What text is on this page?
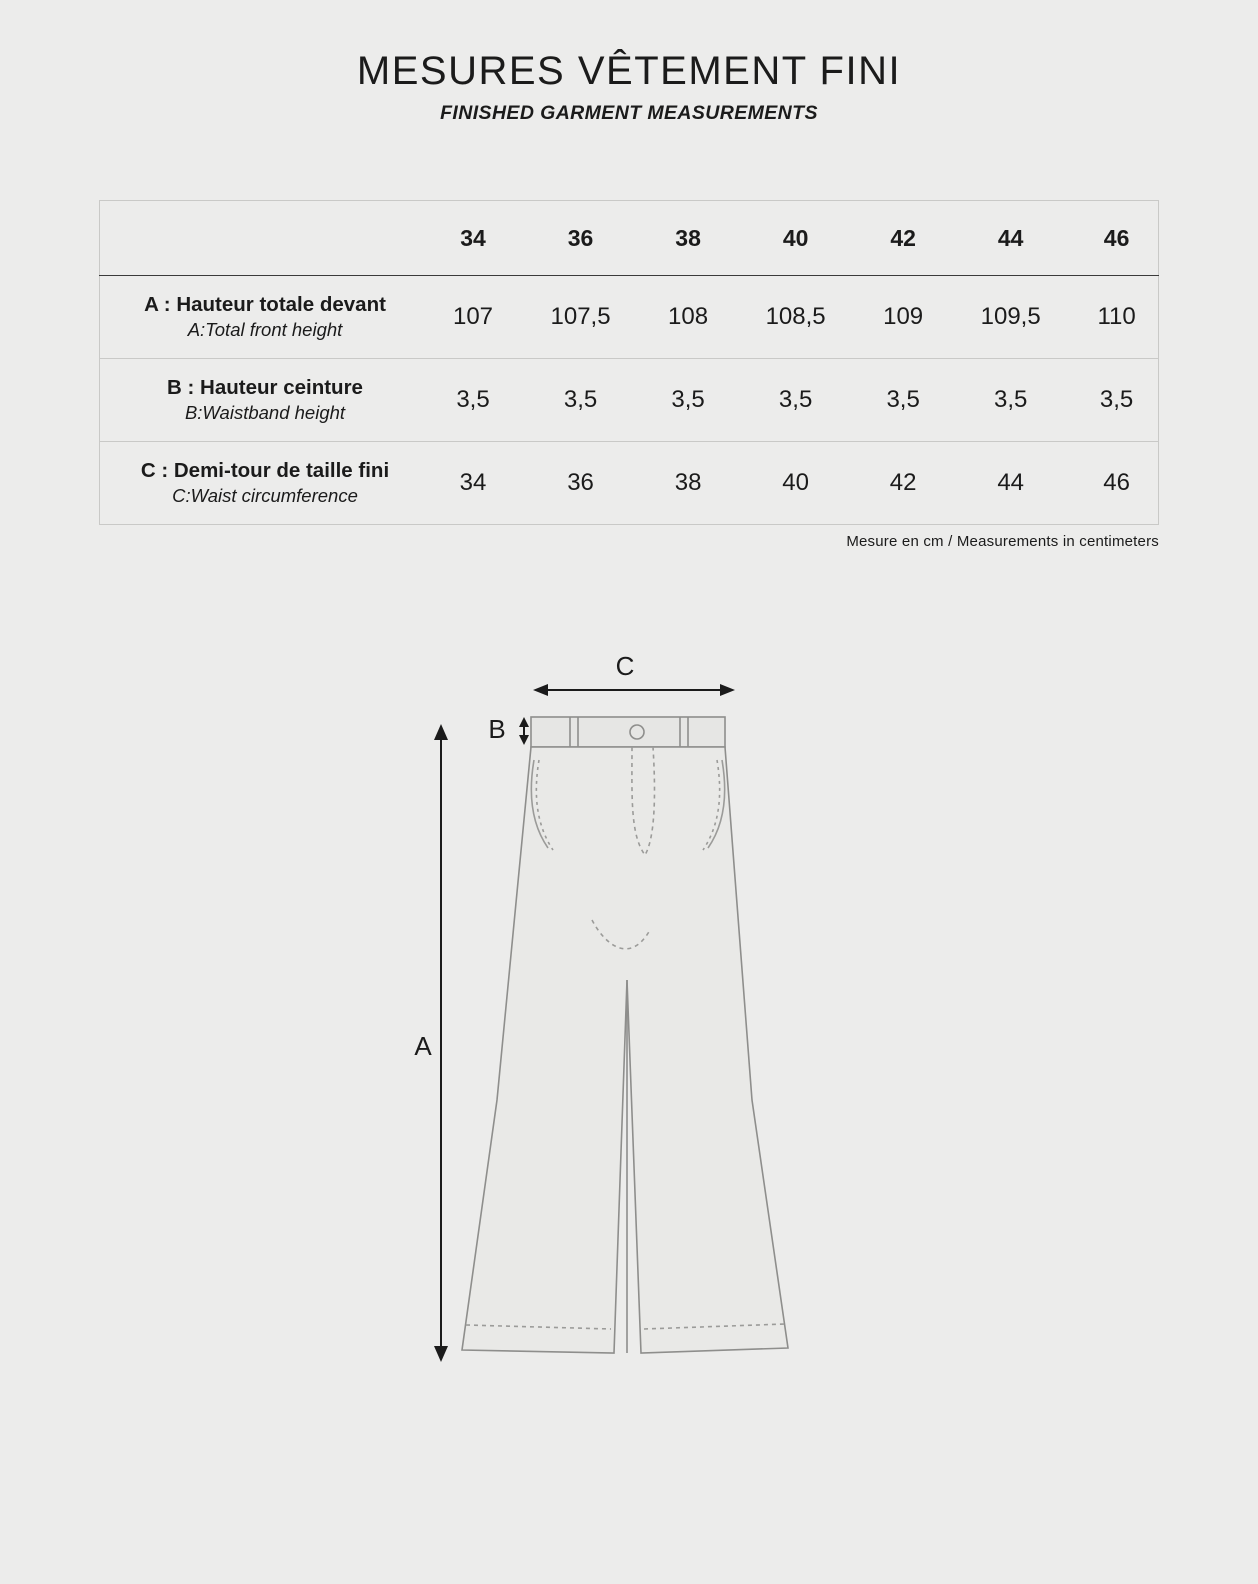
MESURES VÊTEMENT FINI

FINISHED GARMENT MEASUREMENTS

	34	36	38	40	42	44	46

A : Hauteur totale devant
A:Total front height	107	107,5	108	108,5	109	109,5	110

B : Hauteur ceinture
B:Waistband height	3,5	3,5	3,5	3,5	3,5	3,5	3,5

C : Demi-tour de taille fini
C:Waist circumference	34	36	38	40	42	44	46
Mesure en cm / Measurements in centimeters
C
B
A
